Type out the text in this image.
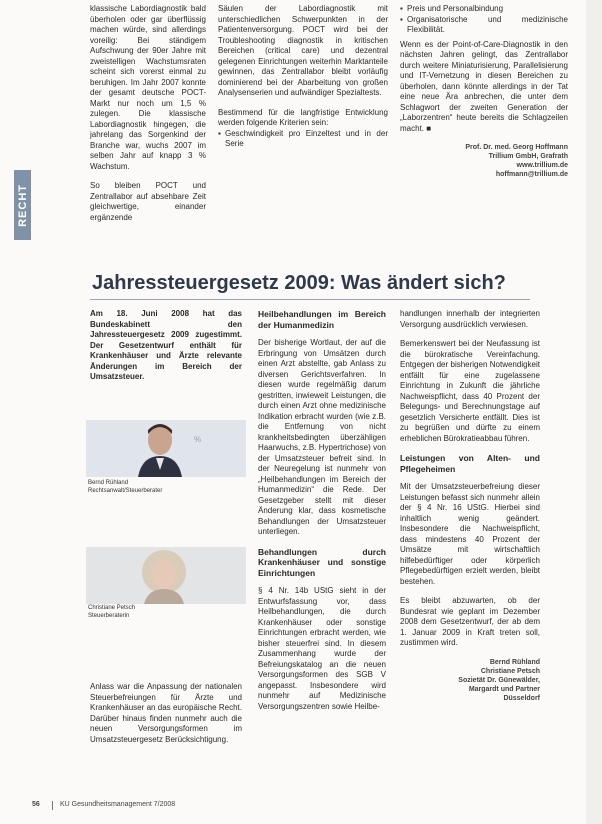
RECHT

klassische Labordiagnostik bald überholen oder gar überflüssig machen würde, sind allerdings voreilig: Bei ständigem Aufschwung der 90er Jahre mit zweistelligen Wachstumsraten scheint sich vorerst einmal zu beruhigen. Im Jahr 2007 konnte der gesamt deutsche POCT-Markt nur noch um 1,5 % zulegen. Die klassische Labordiagnostik hingegen, die jahrelang das Sorgenkind der Branche war, wuchs 2007 im selben Jahr auf knapp 3 % Wachstum.

So bleiben POCT und Zentrallabor auf absehbare Zeit gleichwertige, einander ergänzende

Säulen der Labordiagnostik mit unterschiedlichen Schwerpunkten in der Patientenversorgung. POCT wird bei der Troubleshooting diagnostik in kritischen Bereichen (critical care) und dezentral gelegenen Einrichtungen weiterhin Marktanteile gewinnen, das Zentrallabor bleibt vorläufig dominierend bei der Abarbeitung von großen Analysenserien und aufwändiger Spezialtests.

Bestimmend für die langfristige Entwicklung werden folgende Kriterien sein:

▪ Geschwindigkeit pro Einzeltest und in der Serie
▪ Preis und Personalbindung
▪ Organisatorische und medizinische Flexibilität.

Wenn es der Point-of-Care-Diagnostik in den nächsten Jahren gelingt, das Zentrallabor durch weitere Miniaturisierung, Parallelisierung und IT-Vernetzung in diesen Bereichen zu überholen, dann könnte allerdings in der Tat eine neue Ära anbrechen, die unter dem Schlagwort der zweiten Generation der „Laborzentren“ heute bereits die Schlagzeilen macht. ■

Prof. Dr. med. Georg Hoffmann
Trillium GmbH, Grafrath
www.trillium.de
hoffmann@trillium.de
Jahressteuergesetz 2009: Was ändert sich?

Am 18. Juni 2008 hat das Bundeskabinett den Jahressteuergesetz 2009 zugestimmt. Der Gesetzentwurf enthält für Krankenhäuser und Ärzte relevante Änderungen im Bereich der Umsatzsteuer.

%
Bernd Rühland
Rechtsanwalt/Steuerberater
Christiane Petsch
Steuerberaterin

Anlass war die Anpassung der nationalen Steuerbefreiungen für Ärzte und Krankenhäuser an das europäische Recht. Darüber hinaus finden nunmehr auch die neuen Versorgungsformen im Umsatzsteuergesetz Berücksichtigung.

Heilbehandlungen im Bereich der Humanmedizin

Der bisherige Wortlaut, der auf die Erbringung von Umsätzen durch einen Arzt abstellte, gab Anlass zu diversen Gerichtsverfahren. In diesen wurde regelmäßig darum gestritten, inwieweit Leistungen, die durch einen Arzt ohne medizinische Indikation erbracht wurden (wie z.B. die Entfernung von nicht krankheitsbedingten überzähligen Haarwuchs, z.B. Hypertrichose) von der Umsatzsteuer befreit sind. In der Neuregelung ist nunmehr von „Heilbehandlungen im Bereich der Humanmedizin“ die Rede. Der Gesetzgeber stellt mit dieser Änderung klar, dass kosmetische Behandlungen der Umsatzsteuer unterliegen.

Behandlungen durch Krankenhäuser und sonstige Einrichtungen

§ 4 Nr. 14b UStG sieht in der Entwurfsfassung vor, dass Heilbehandlungen, die durch Krankenhäuser oder sonstige Einrichtungen erbracht werden, wie bisher steuerfrei sind. In diesem Zusammenhang wurde der Befreiungskatalog an die neuen Versorgungsformen des SGB V angepasst. Insbesondere wird nunmehr auf Medizinische Versorgungszentren sowie Heilbe-

handlungen innerhalb der integrierten Versorgung ausdrücklich verwiesen.

Bemerkenswert bei der Neufassung ist die bürokratische Vereinfachung. Entgegen der bisherigen Notwendigkeit entfällt für eine zugelassene Einrichtung in Zukunft die jährliche Nachweispflicht, dass 40 Prozent der Belegungs- und Berechnungstage auf gesetzlich Versicherte entfällt. Dies ist zu begrüßen und dürfte zu einem erheblichen Bürokratieabbau führen.

Leistungen von Alten- und Pflegeheimen

Mit der Umsatzsteuerbefreiung dieser Leistungen befasst sich nunmehr allein der § 4 Nr. 16 UStG. Hierbei sind inhaltlich wenig geändert. Insbesondere die Nachweispflicht, dass mindestens 40 Prozent der Umsätze mit wirtschaftlich hilfebedürftiger oder körperlich Pflegebedürftigen erzielt werden, bleibt bestehen.

Es bleibt abzuwarten, ob der Bundesrat wie geplant im Dezember 2008 dem Gesetzentwurf, der ab dem 1. Januar 2009 in Kraft treten soll, zustimmen wird.

Bernd Rühland
Christiane Petsch
Sozietät Dr. Günewälder,
Margardt und Partner
Düsseldorf
56	KU Gesundheitsmanagement 7/2008
